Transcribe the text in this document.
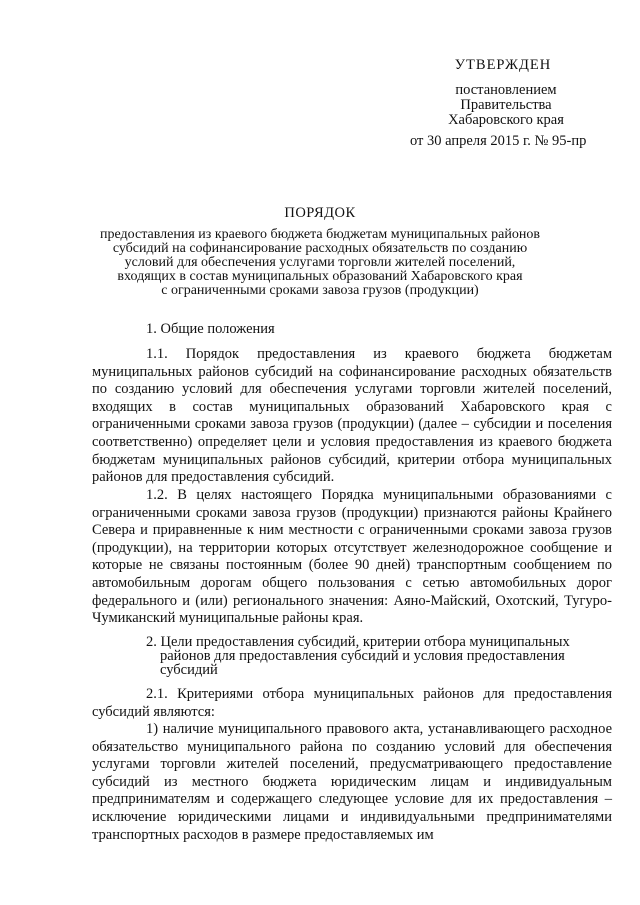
УТВЕРЖДЕН
постановлением
Правительства
Хабаровского края
от 30 апреля 2015 г. № 95-пр
ПОРЯДОК
предоставления из краевого бюджета бюджетам муниципальных районов
субсидий на софинансирование расходных обязательств по созданию
условий для обеспечения услугами торговли жителей поселений,
входящих в состав муниципальных образований Хабаровского края
с ограниченными сроками завоза грузов (продукции)
1. Общие положения
1.1. Порядок предоставления из краевого бюджета бюджетам муниципальных районов субсидий на софинансирование расходных обязательств по созданию условий для обеспечения услугами торговли жителей поселений, входящих в состав муниципальных образований Хабаровского края с ограниченными сроками завоза грузов (продукции) (далее – субсидии и поселения соответственно) определяет цели и условия предоставления из краевого бюджета бюджетам муниципальных районов субсидий, критерии отбора муниципальных районов для предоставления субсидий.
1.2. В целях настоящего Порядка муниципальными образованиями с ограниченными сроками завоза грузов (продукции) признаются районы Крайнего Севера и приравненные к ним местности с ограниченными сроками завоза грузов (продукции), на территории которых отсутствует железнодорожное сообщение и которые не связаны постоянным (более 90 дней) транспортным сообщением по автомобильным дорогам общего пользования с сетью автомобильных дорог федерального и (или) регионального значения: Аяно-Майский, Охотский, Тугуро-Чумиканский муниципальные районы края.
2. Цели предоставления субсидий, критерии отбора муниципальных
районов для предоставления субсидий и условия предоставления
субсидий
2.1. Критериями отбора муниципальных районов для предоставления субсидий являются:
1) наличие муниципального правового акта, устанавливающего расходное обязательство муниципального района по созданию условий для обеспечения услугами торговли жителей поселений, предусматривающего предоставление субсидий из местного бюджета юридическим лицам и индивидуальным предпринимателям и содержащего следующее условие для их предоставления – исключение юридическими лицами и индивидуальными предпринимателями транспортных расходов в размере предоставляемых им
